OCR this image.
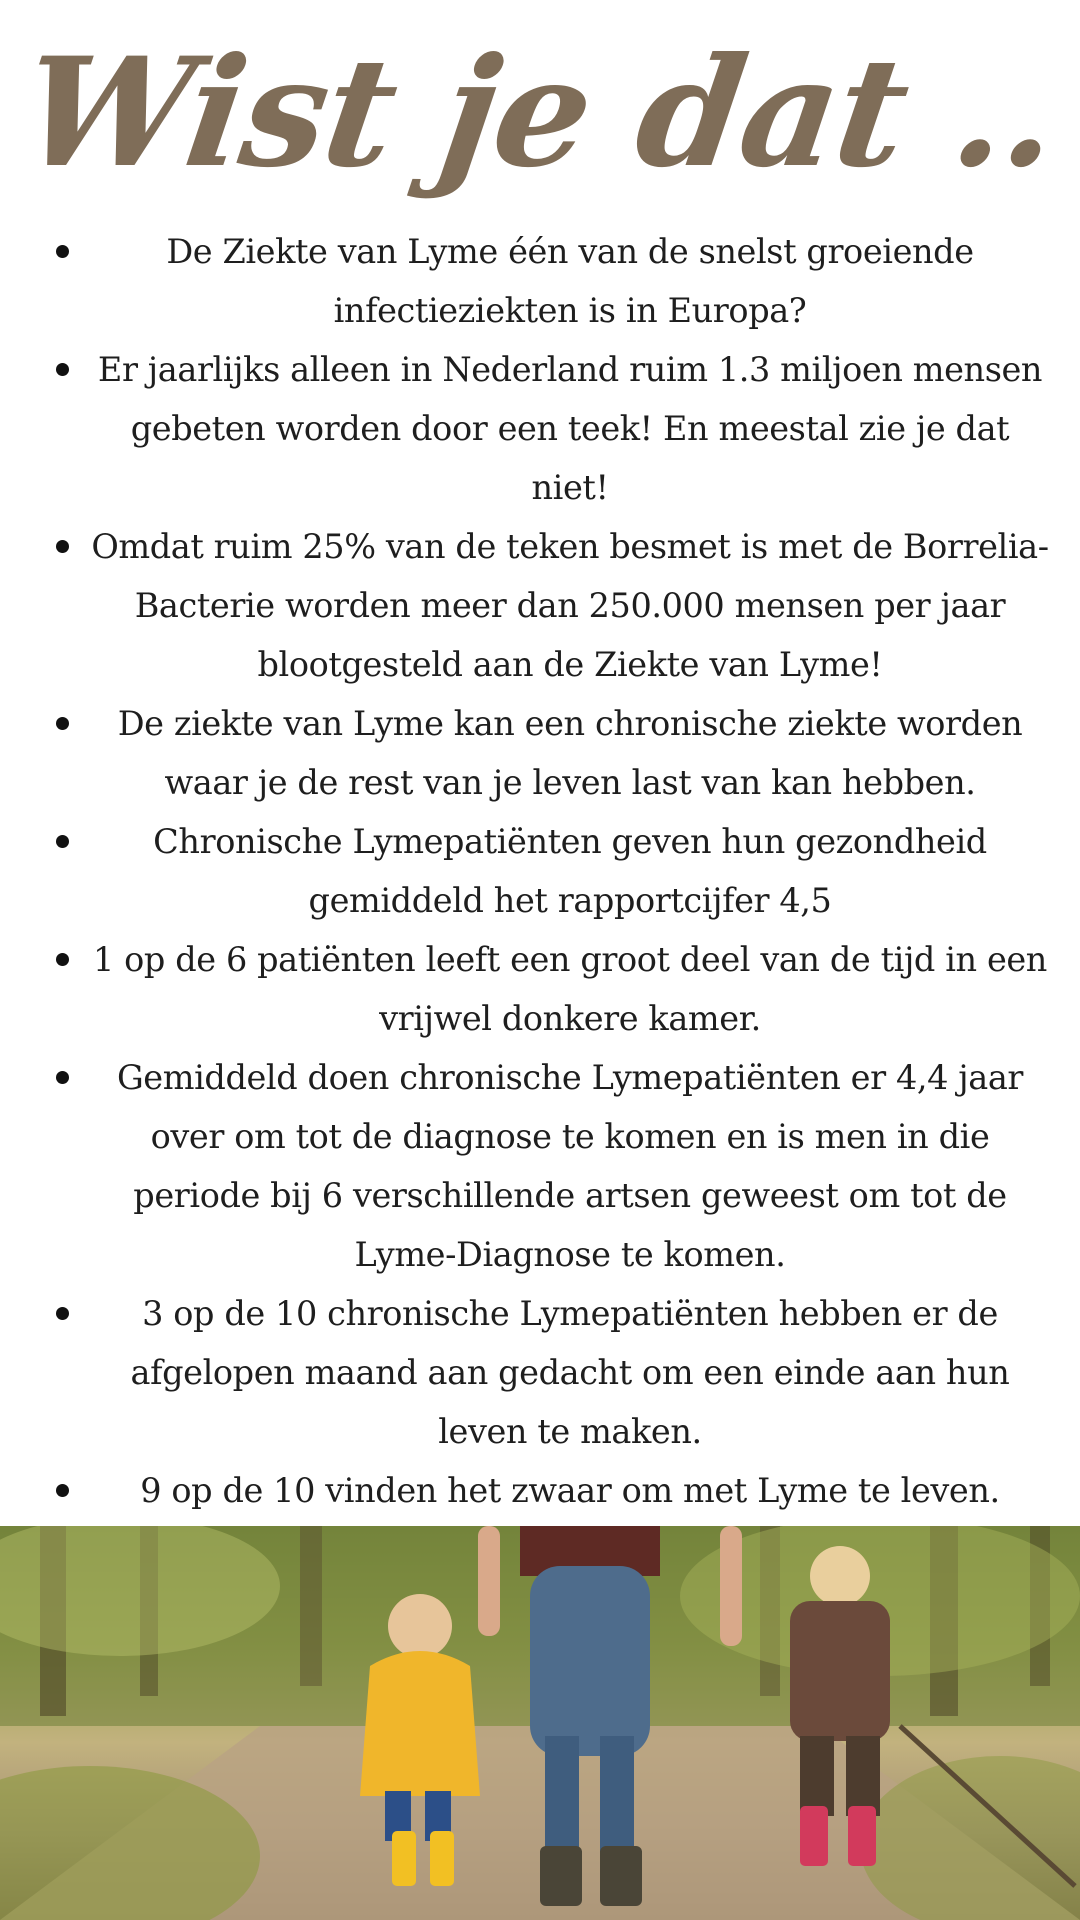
Wist je dat ..
De Ziekte van Lyme één van de snelst groeiende infectieziekten is in Europa?
Er jaarlijks alleen in Nederland ruim 1.3 miljoen mensen gebeten worden door een teek! En meestal zie je dat niet!
Omdat ruim 25% van de teken besmet is met de Borrelia-Bacterie worden meer dan 250.000 mensen per jaar blootgesteld aan de Ziekte van Lyme!
De ziekte van Lyme kan een chronische ziekte worden waar je de rest van je leven last van kan hebben.
Chronische Lymepatiënten geven hun gezondheid gemiddeld het rapportcijfer 4,5
1 op de 6 patiënten leeft een groot deel van de tijd in een vrijwel donkere kamer.
Gemiddeld doen chronische Lymepatiënten er 4,4 jaar over om tot de diagnose te komen en is men in die periode bij 6 verschillende artsen geweest om tot de Lyme-Diagnose te komen.
3 op de 10 chronische Lymepatiënten hebben er de afgelopen maand aan gedacht om een einde aan hun leven te maken.
9 op de 10 vinden het zwaar om met Lyme te leven.
